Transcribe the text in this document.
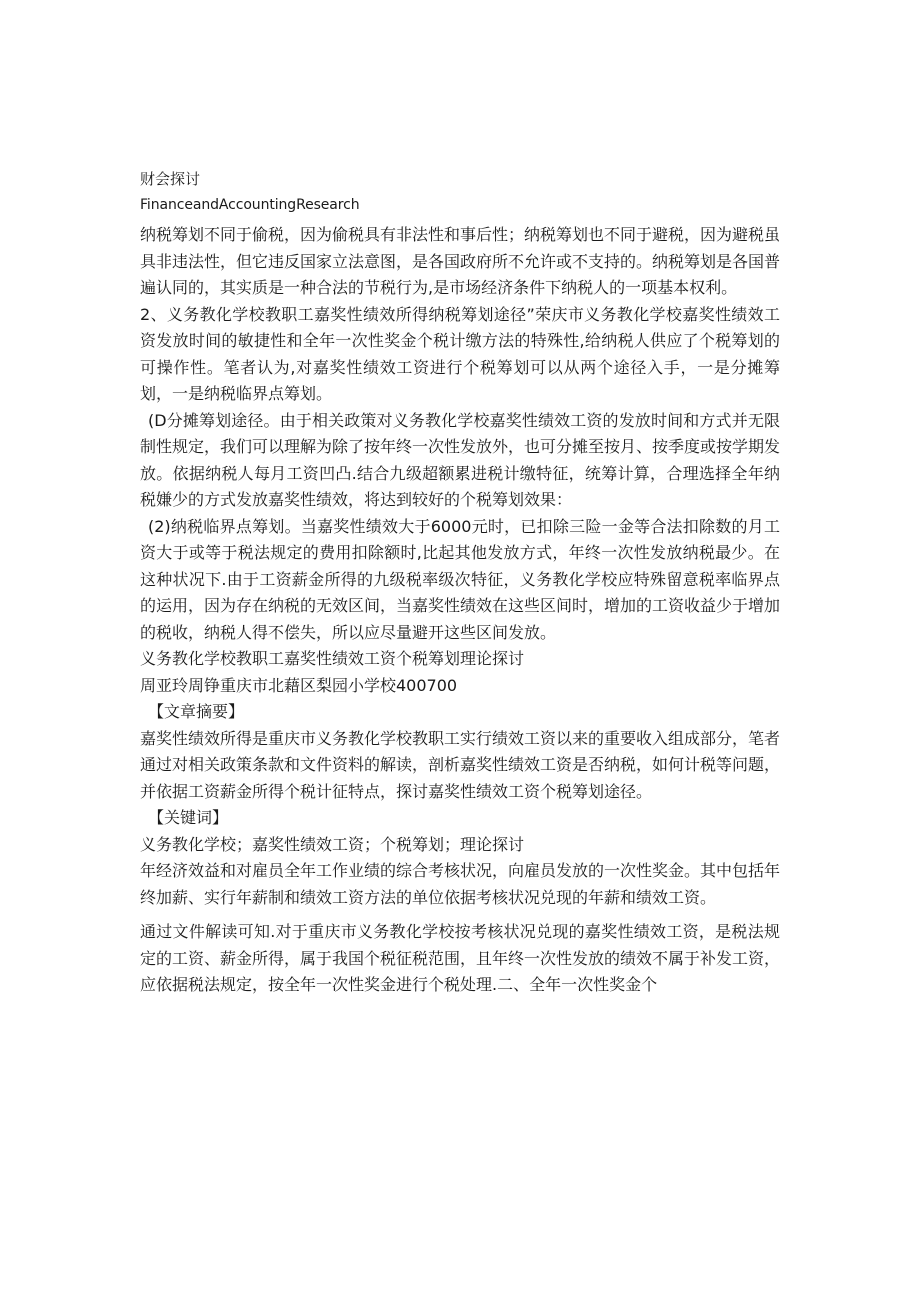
财会探讨
FinanceandAccountingResearch

纳税筹划不同于偷税，因为偷税具有非法性和事后性；纳税筹划也不同于避税，因为避税虽具非违法性，但它违反国家立法意图，是各国政府所不允许或不支持的。纳税筹划是各国普遍认同的，其实质是一种合法的节税行为,是市场经济条件下纳税人的一项基本权利。

2、义务教化学校教职工嘉奖性绩效所得纳税筹划途径”荣庆市义务教化学校嘉奖性绩效工资发放时间的敏捷性和全年一次性奖金个税计缴方法的特殊性,给纳税人供应了个税筹划的可操作性。笔者认为,对嘉奖性绩效工资进行个税筹划可以从两个途径入手，一是分摊筹划，一是纳税临界点筹划。

(D分摊筹划途径。由于相关政策对义务教化学校嘉奖性绩效工资的发放时间和方式并无限制性规定，我们可以理解为除了按年终一次性发放外，也可分摊至按月、按季度或按学期发放。依据纳税人每月工资凹凸.结合九级超额累进税计缴特征，统筹计算，合理选择全年纳税嫌少的方式发放嘉奖性绩效，将达到较好的个税筹划效果：

(2)纳税临界点筹划。当嘉奖性绩效大于6000元时，已扣除三险一金等合法扣除数的月工资大于或等于税法规定的费用扣除额时,比起其他发放方式，年终一次性发放纳税最少。在这种状况下.由于工资薪金所得的九级税率级次特征，义务教化学校应特殊留意税率临界点的运用，因为存在纳税的无效区间，当嘉奖性绩效在这些区间时，增加的工资收益少于增加的税收，纳税人得不偿失，所以应尽量避开这些区间发放。

义务教化学校教职工嘉奖性绩效工资个税筹划理论探讨

周亚玲周铮重庆市北藉区梨园小学校400700

【文章摘要】

嘉奖性绩效所得是重庆市义务教化学校教职工实行绩效工资以来的重要收入组成部分，笔者通过对相关政策条款和文件资料的解读，剖析嘉奖性绩效工资是否纳税，如何计税等问题，并依据工资薪金所得个税计征特点，探讨嘉奖性绩效工资个税筹划途径。

【关键词】

义务教化学校；嘉奖性绩效工资；个税筹划；理论探讨

年经济效益和对雇员全年工作业绩的综合考核状况，向雇员发放的一次性奖金。其中包括年终加薪、实行年薪制和绩效工资方法的单位依据考核状况兑现的年薪和绩效工资。

通过文件解读可知.对于重庆市义务教化学校按考核状况兑现的嘉奖性绩效工资，是税法规定的工资、薪金所得，属于我国个税征税范围，且年终一次性发放的绩效不属于补发工资，应依据税法规定，按全年一次性奖金进行个税处理.二、全年一次性奖金个
